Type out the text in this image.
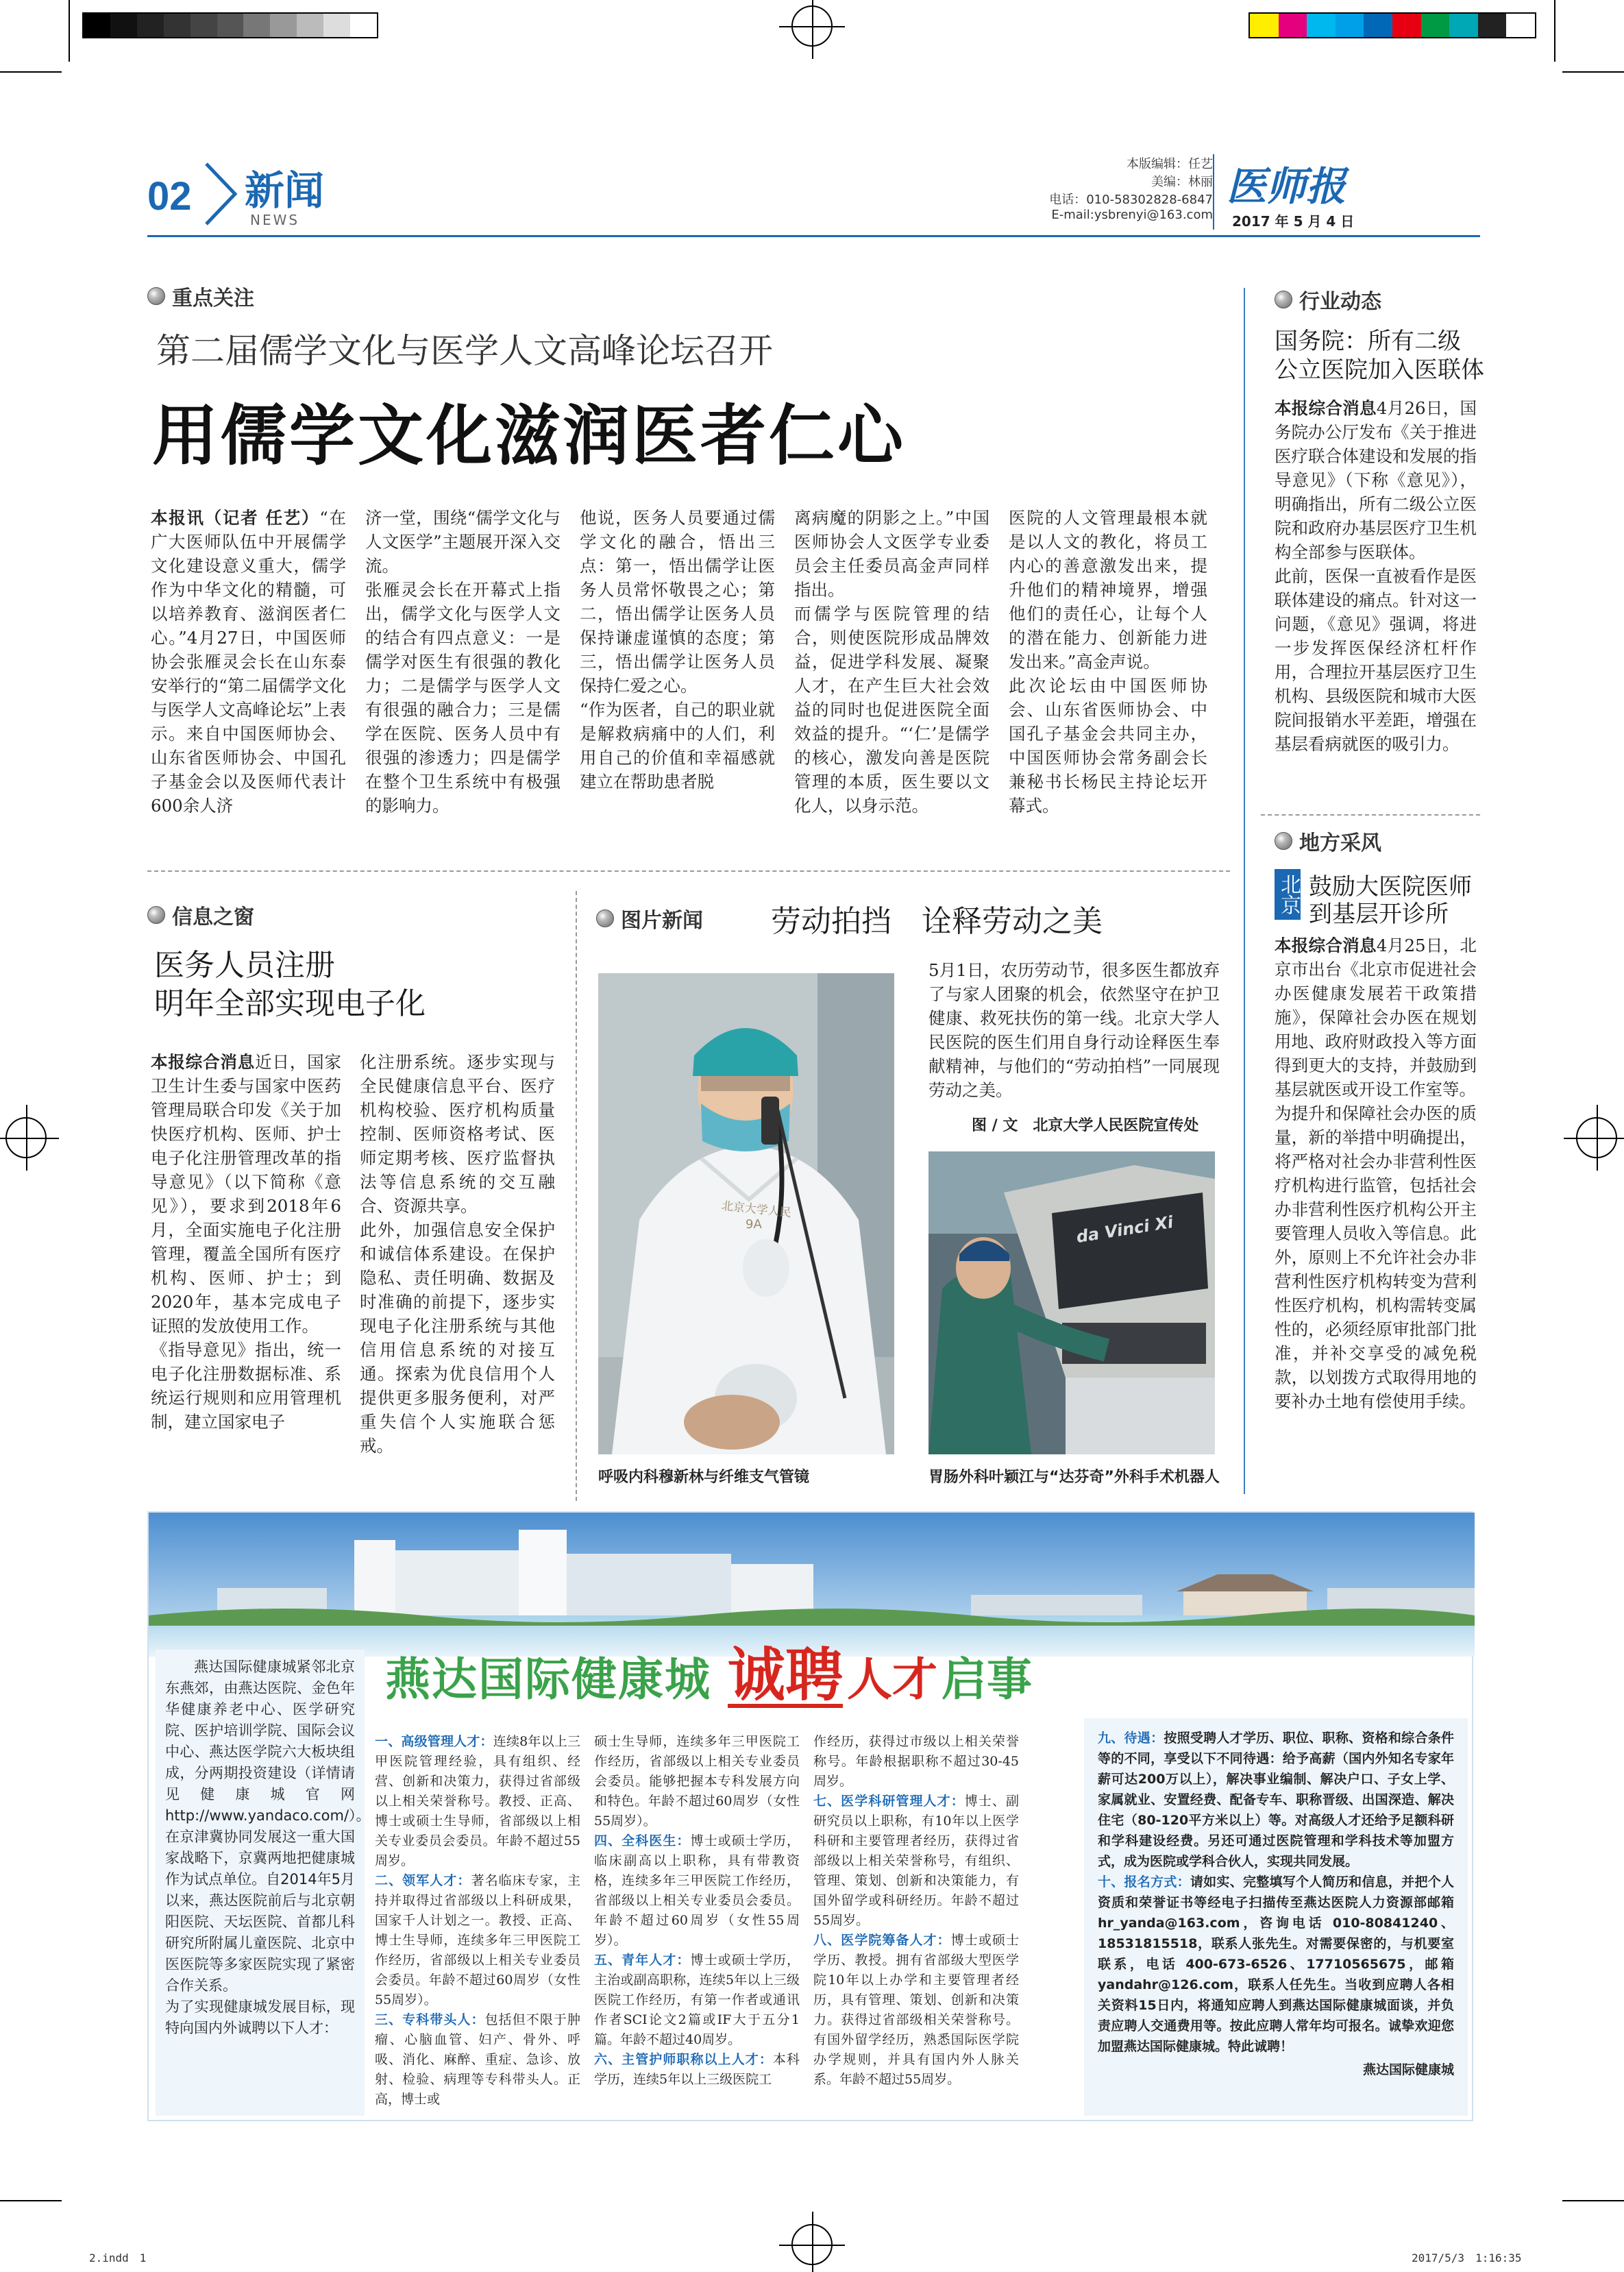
02 新闻
NEWS
本版编辑：任艺
美编：林丽
电话：010-58302828-6847
E-mail:ysbrenyi@163.com
医师报
2017 年 5 月 4 日
重点关注
第二届儒学文化与医学人文高峰论坛召开
用儒学文化滋润医者仁心
本报讯（记者 任艺）“在广大医师队伍中开展儒学文化建设意义重大，儒学作为中华文化的精髓，可以培养教育、滋润医者仁心。”4月27日，中国医师协会张雁灵会长在山东泰安举行的“第二届儒学文化与医学人文高峰论坛”上表示。来自中国医师协会、山东省医师协会、中国孔子基金会以及医师代表计600余人济
济一堂，围绕“儒学文化与人文医学”主题展开深入交流。
张雁灵会长在开幕式上指出，儒学文化与医学人文的结合有四点意义：一是儒学对医生有很强的教化力；二是儒学与医学人文有很强的融合力；三是儒学在医院、医务人员中有很强的渗透力；四是儒学在整个卫生系统中有极强的影响力。
他说，医务人员要通过儒学文化的融合，悟出三点：第一，悟出儒学让医务人员常怀敬畏之心；第二，悟出儒学让医务人员保持谦虚谨慎的态度；第三，悟出儒学让医务人员保持仁爱之心。
“作为医者，自己的职业就是解救病痛中的人们，利用自己的价值和幸福感就建立在帮助患者脱
离病魔的阴影之上。”中国医师协会人文医学专业委员会主任委员高金声同样指出。
而儒学与医院管理的结合，则使医院形成品牌效益，促进学科发展、凝聚人才，在产生巨大社会效益的同时也促进医院全面效益的提升。“‘仁’是儒学的核心，激发向善是医院管理的本质，医生要以文化人，以身示范。
医院的人文管理最根本就是以人文的教化，将员工内心的善意激发出来，提升他们的精神境界，增强他们的责任心，让每个人的潜在能力、创新能力进发出来。”高金声说。
此次论坛由中国医师协会、山东省医师协会、中国孔子基金会共同主办，中国医师协会常务副会长兼秘书长杨民主持论坛开幕式。
行业动态
国务院：所有二级
公立医院加入医联体
本报综合消息4月26日，国务院办公厅发布《关于推进医疗联合体建设和发展的指导意见》（下称《意见》），明确指出，所有二级公立医院和政府办基层医疗卫生机构全部参与医联体。
此前，医保一直被看作是医联体建设的痛点。针对这一问题，《意见》强调，将进一步发挥医保经济杠杆作用，合理拉开基层医疗卫生机构、县级医院和城市大医院间报销水平差距，增强在基层看病就医的吸引力。
地方采风
北京 鼓励大医院医师
到基层开诊所
本报综合消息4月25日，北京市出台《北京市促进社会办医健康发展若干政策措施》，保障社会办医在规划用地、政府财政投入等方面得到更大的支持，并鼓励到基层就医或开设工作室等。
为提升和保障社会办医的质量，新的举措中明确提出，将严格对社会办非营利性医疗机构进行监管，包括社会办非营利性医疗机构公开主要管理人员收入等信息。此外，原则上不允许社会办非营利性医疗机构转变为营利性医疗机构，机构需转变属性的，必须经原审批部门批准，并补交享受的减免税款，以划拨方式取得用地的要补办土地有偿使用手续。
信息之窗
医务人员注册
明年全部实现电子化
本报综合消息近日，国家卫生计生委与国家中医药管理局联合印发《关于加快医疗机构、医师、护士电子化注册管理改革的指导意见》（以下简称《意见》），要求到2018年6月，全面实施电子化注册管理，覆盖全国所有医疗机构、医师、护士；到2020年，基本完成电子证照的发放使用工作。
《指导意见》指出，统一电子化注册数据标准、系统运行规则和应用管理机制，建立国家电子
化注册系统。逐步实现与全民健康信息平台、医疗机构校验、医疗机构质量控制、医师资格考试、医师定期考核、医疗监督执法等信息系统的交互融合、资源共享。
此外，加强信息安全保护和诚信体系建设。在保护隐私、责任明确、数据及时准确的前提下，逐步实现电子化注册系统与其他信用信息系统的对接互通。探索为优良信用个人提供更多服务便利，对严重失信个人实施联合惩戒。
图片新闻 劳动拍挡　诠释劳动之美
北京大学人民
9A
呼吸内科穆新林与纤维支气管镜
5月1日，农历劳动节，很多医生都放弃了与家人团聚的机会，依然坚守在护卫健康、救死扶伤的第一线。北京大学人民医院的医生们用自身行动诠释医生奉献精神，与他们的“劳动拍档”一同展现劳动之美。
图 / 文　北京大学人民医院宣传处
da Vinci Xi
胃肠外科叶颖江与“达芬奇”外科手术机器人
燕达国际健康城 诚聘 人才 启事
燕达国际健康城紧邻北京东燕郊，由燕达医院、金色年华健康养老中心、医学研究院、医护培训学院、国际会议中心、燕达医学院六大板块组成，分两期投资建设（详情请见健康城官网 http://www.yandaco.com/）。
在京津冀协同发展这一重大国家战略下，京冀两地把健康城作为试点单位。自2014年5月以来，燕达医院前后与北京朝阳医院、天坛医院、首都儿科研究所附属儿童医院、北京中医医院等多家医院实现了紧密合作关系。
为了实现健康城发展目标，现特向国内外诚聘以下人才：
一、高级管理人才：连续8年以上三甲医院管理经验，具有组织、经营、创新和决策力，获得过省部级以上相关荣誉称号。教授、正高、博士或硕士生导师，省部级以上相关专业委员会委员。年龄不超过55周岁。
二、领军人才：著名临床专家，主持并取得过省部级以上科研成果，国家千人计划之一。教授、正高、博士生导师，连续多年三甲医院工作经历，省部级以上相关专业委员会委员。年龄不超过60周岁（女性55周岁）。
三、专科带头人：包括但不限于肿瘤、心脑血管、妇产、骨外、呼吸、消化、麻醉、重症、急诊、放射、检验、病理等专科带头人。正高，博士或
硕士生导师，连续多年三甲医院工作经历，省部级以上相关专业委员会委员。能够把握本专科发展方向和特色。年龄不超过60周岁（女性55周岁）。
四、全科医生：博士或硕士学历，临床副高以上职称，具有带教资格，连续多年三甲医院工作经历，省部级以上相关专业委员会委员。年龄不超过60周岁（女性55周岁）。
五、青年人才：博士或硕士学历，主治或副高职称，连续5年以上三级医院工作经历，有第一作者或通讯作者SCI论文2篇或IF大于五分1篇。年龄不超过40周岁。
六、主管护师职称以上人才：本科学历，连续5年以上三级医院工
作经历，获得过市级以上相关荣誉称号。年龄根据职称不超过30-45周岁。
七、医学科研管理人才：博士、副研究员以上职称，有10年以上医学科研和主要管理者经历，获得过省部级以上相关荣誉称号，有组织、管理、策划、创新和决策能力，有国外留学或科研经历。年龄不超过55周岁。
八、医学院筹备人才：博士或硕士学历、教授。拥有省部级大型医学院10年以上办学和主要管理者经历，具有管理、策划、创新和决策力。获得过省部级相关荣誉称号。有国外留学经历，熟悉国际医学院办学规则，并具有国内外人脉关系。年龄不超过55周岁。
九、待遇：按照受聘人才学历、职位、职称、资格和综合条件等的不同，享受以下不同待遇：给予高薪（国内外知名专家年薪可达200万以上），解决事业编制、解决户口、子女上学、家属就业、安置经费、配备专车、职称晋级、出国深造、解决住宅（80-120平方米以上）等。对高级人才还给予足额科研和学科建设经费。另还可通过医院管理和学科技术等加盟方式，成为医院或学科合伙人，实现共同发展。
十、报名方式：请如实、完整填写个人简历和信息，并把个人资质和荣誉证书等经电子扫描传至燕达医院人力资源部邮箱 hr_yanda@163.com，咨询电话 010-80841240、18531815518，联系人张先生。对需要保密的，与机要室联系，电话 400-673-6526、17710565675，邮箱 yandahr@126.com，联系人任先生。当收到应聘人各相关资料15日内，将通知应聘人到燕达国际健康城面谈，并负责应聘人交通费用等。按此应聘人常年均可报名。诚挚欢迎您加盟燕达国际健康城。特此诚聘！
燕达国际健康城
2.indd　1	2017/5/3　1:16:35
